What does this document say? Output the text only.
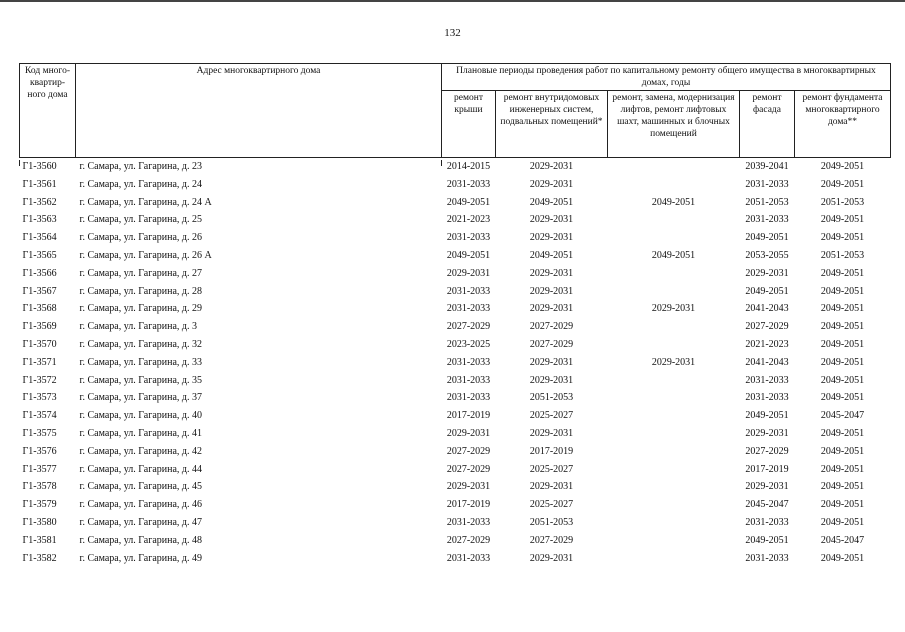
132
Код много-
квартир-
ного дома	Адрес многоквартирного дома	Плановые периоды проведения работ по капитальному ремонту общего имущества в многоквартирных домах, годы				
		ремонт крыши	ремонт внутридомовых инженерных систем, подвальных помещений*	ремонт, замена, модернизация лифтов, ремонт лифтовых шахт, машинных и блочных помещений	ремонт фасада	ремонт фундамента многоквартирного дома**
Г1-3560	г. Самара, ул. Гагарина, д. 23	2014-2015	2029-2031		2039-2041	2049-2051
Г1-3561	г. Самара, ул. Гагарина, д. 24	2031-2033	2029-2031		2031-2033	2049-2051
Г1-3562	г. Самара, ул. Гагарина, д. 24 А	2049-2051	2049-2051	2049-2051	2051-2053	2051-2053
Г1-3563	г. Самара, ул. Гагарина, д. 25	2021-2023	2029-2031		2031-2033	2049-2051
Г1-3564	г. Самара, ул. Гагарина, д. 26	2031-2033	2029-2031		2049-2051	2049-2051
Г1-3565	г. Самара, ул. Гагарина, д. 26 А	2049-2051	2049-2051	2049-2051	2053-2055	2051-2053
Г1-3566	г. Самара, ул. Гагарина, д. 27	2029-2031	2029-2031		2029-2031	2049-2051
Г1-3567	г. Самара, ул. Гагарина, д. 28	2031-2033	2029-2031		2049-2051	2049-2051
Г1-3568	г. Самара, ул. Гагарина, д. 29	2031-2033	2029-2031	2029-2031	2041-2043	2049-2051
Г1-3569	г. Самара, ул. Гагарина, д. 3	2027-2029	2027-2029		2027-2029	2049-2051
Г1-3570	г. Самара, ул. Гагарина, д. 32	2023-2025	2027-2029		2021-2023	2049-2051
Г1-3571	г. Самара, ул. Гагарина, д. 33	2031-2033	2029-2031	2029-2031	2041-2043	2049-2051
Г1-3572	г. Самара, ул. Гагарина, д. 35	2031-2033	2029-2031		2031-2033	2049-2051
Г1-3573	г. Самара, ул. Гагарина, д. 37	2031-2033	2051-2053		2031-2033	2049-2051
Г1-3574	г. Самара, ул. Гагарина, д. 40	2017-2019	2025-2027		2049-2051	2045-2047
Г1-3575	г. Самара, ул. Гагарина, д. 41	2029-2031	2029-2031		2029-2031	2049-2051
Г1-3576	г. Самара, ул. Гагарина, д. 42	2027-2029	2017-2019		2027-2029	2049-2051
Г1-3577	г. Самара, ул. Гагарина, д. 44	2027-2029	2025-2027		2017-2019	2049-2051
Г1-3578	г. Самара, ул. Гагарина, д. 45	2029-2031	2029-2031		2029-2031	2049-2051
Г1-3579	г. Самара, ул. Гагарина, д. 46	2017-2019	2025-2027		2045-2047	2049-2051
Г1-3580	г. Самара, ул. Гагарина, д. 47	2031-2033	2051-2053		2031-2033	2049-2051
Г1-3581	г. Самара, ул. Гагарина, д. 48	2027-2029	2027-2029		2049-2051	2045-2047
Г1-3582	г. Самара, ул. Гагарина, д. 49	2031-2033	2029-2031		2031-2033	2049-2051
